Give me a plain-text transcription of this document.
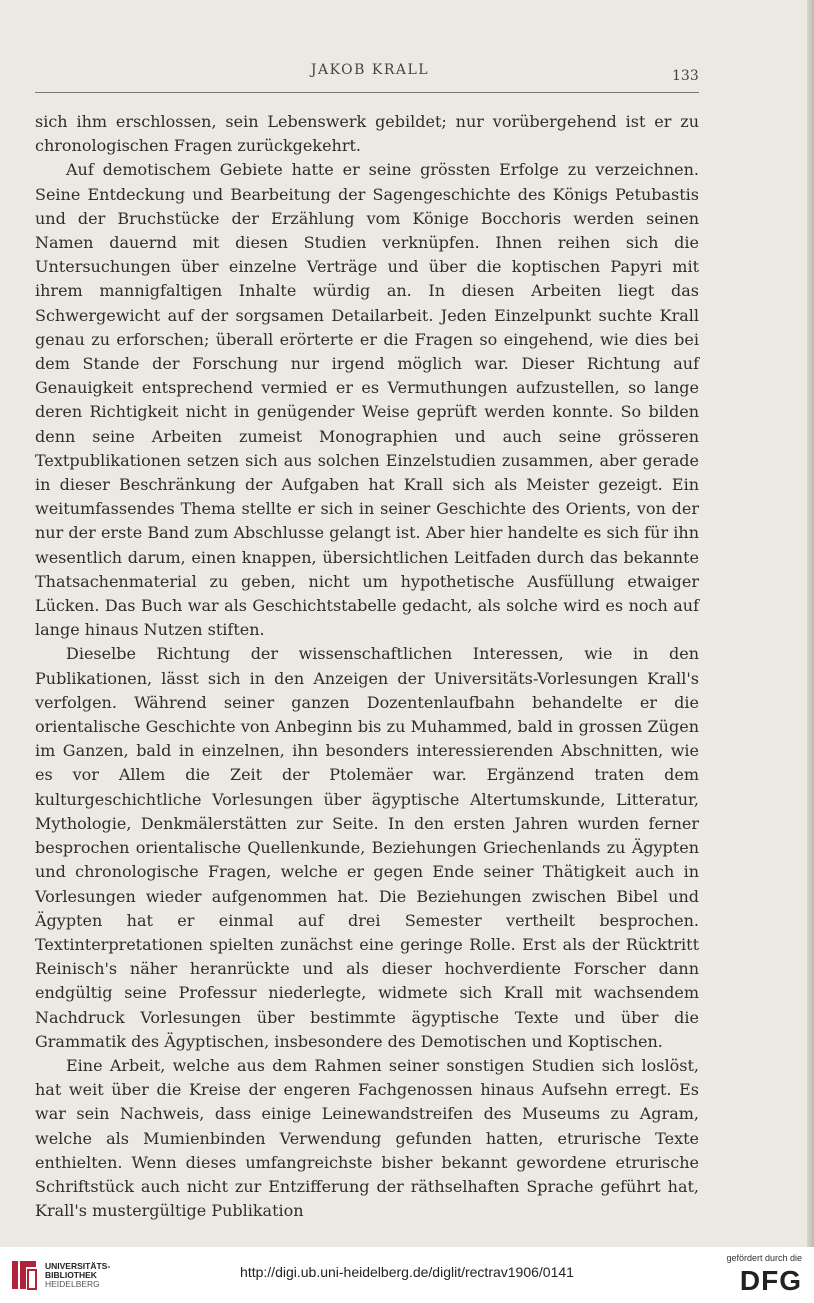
JAKOB KRALL	133

sich ihm erschlossen, sein Lebenswerk gebildet; nur vorübergehend ist er zu chronologischen Fragen zurückgekehrt.

Auf demotischem Gebiete hatte er seine grössten Erfolge zu verzeichnen. Seine Entdeckung und Bearbeitung der Sagengeschichte des Königs Petubastis und der Bruchstücke der Erzählung vom Könige Bocchoris werden seinen Namen dauernd mit diesen Studien verknüpfen. Ihnen reihen sich die Untersuchungen über einzelne Verträge und über die koptischen Papyri mit ihrem mannigfaltigen Inhalte würdig an. In diesen Arbeiten liegt das Schwergewicht auf der sorgsamen Detailarbeit. Jeden Einzelpunkt suchte Krall genau zu erforschen; überall erörterte er die Fragen so eingehend, wie dies bei dem Stande der Forschung nur irgend möglich war. Dieser Richtung auf Genauigkeit entsprechend vermied er es Vermuthungen aufzustellen, so lange deren Richtigkeit nicht in genügender Weise geprüft werden konnte. So bilden denn seine Arbeiten zumeist Monographien und auch seine grösseren Textpublikationen setzen sich aus solchen Einzelstudien zusammen, aber gerade in dieser Beschränkung der Aufgaben hat Krall sich als Meister gezeigt. Ein weitumfassendes Thema stellte er sich in seiner Geschichte des Orients, von der nur der erste Band zum Abschlusse gelangt ist. Aber hier handelte es sich für ihn wesentlich darum, einen knappen, übersichtlichen Leitfaden durch das bekannte Thatsachenmaterial zu geben, nicht um hypothetische Ausfüllung etwaiger Lücken. Das Buch war als Geschichtstabelle gedacht, als solche wird es noch auf lange hinaus Nutzen stiften.

Dieselbe Richtung der wissenschaftlichen Interessen, wie in den Publikationen, lässt sich in den Anzeigen der Universitäts-Vorlesungen Krall's verfolgen. Während seiner ganzen Dozentenlaufbahn behandelte er die orientalische Geschichte von Anbeginn bis zu Muhammed, bald in grossen Zügen im Ganzen, bald in einzelnen, ihn besonders interessierenden Abschnitten, wie es vor Allem die Zeit der Ptolemäer war. Ergänzend traten dem kulturgeschichtliche Vorlesungen über ägyptische Altertumskunde, Litteratur, Mythologie, Denkmälerstätten zur Seite. In den ersten Jahren wurden ferner besprochen orientalische Quellenkunde, Beziehungen Griechenlands zu Ägypten und chronologische Fragen, welche er gegen Ende seiner Thätigkeit auch in Vorlesungen wieder aufgenommen hat. Die Beziehungen zwischen Bibel und Ägypten hat er einmal auf drei Semester vertheilt besprochen. Textinterpretationen spielten zunächst eine geringe Rolle. Erst als der Rücktritt Reinisch's näher heranrückte und als dieser hochverdiente Forscher dann endgültig seine Professur niederlegte, widmete sich Krall mit wachsendem Nachdruck Vorlesungen über bestimmte ägyptische Texte und über die Grammatik des Ägyptischen, insbesondere des Demotischen und Koptischen.

Eine Arbeit, welche aus dem Rahmen seiner sonstigen Studien sich loslöst, hat weit über die Kreise der engeren Fachgenossen hinaus Aufsehn erregt. Es war sein Nachweis, dass einige Leinewandstreifen des Museums zu Agram, welche als Mumienbinden Verwendung gefunden hatten, etrurische Texte enthielten. Wenn dieses umfangreichste bisher bekannt gewordene etrurische Schriftstück auch nicht zur Entzifferung der räthselhaften Sprache geführt hat, Krall's mustergültige Publikation

UNIVERSITÄTS-
BIBLIOTHEK
HEIDELBERG
http://digi.ub.uni-heidelberg.de/diglit/rectrav1906/0141
gefördert durch die
DFG
